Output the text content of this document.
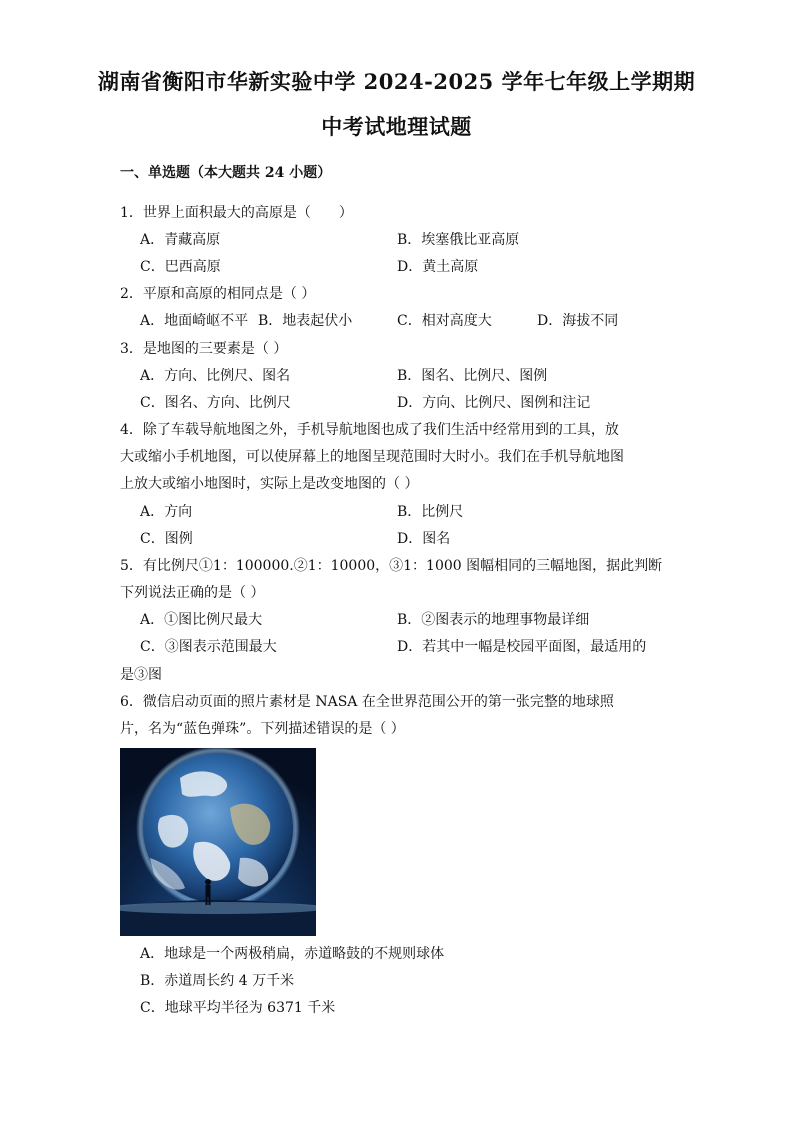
湖南省衡阳市华新实验中学 2024-2025 学年七年级上学期期
中考试地理试题
一、单选题（本大题共 24 小题）
1．世界上面积最大的高原是（　　）
A．青藏高原	B．埃塞俄比亚高原
C．巴西高原	D．黄土高原
2．平原和高原的相同点是（ ）
A．地面崎岖不平 B．地表起伏小	C．相对高度大	D．海拔不同
3．是地图的三要素是（ ）
A．方向、比例尺、图名	B．图名、比例尺、图例
C．图名、方向、比例尺	D．方向、比例尺、图例和注记
4．除了车载导航地图之外，手机导航地图也成了我们生活中经常用到的工具，放
大或缩小手机地图，可以使屏幕上的地图呈现范围时大时小。我们在手机导航地图
上放大或缩小地图时，实际上是改变地图的（ ）
A．方向	B．比例尺
C．图例	D．图名
5．有比例尺①1：100000.②1：10000，③1：1000 图幅相同的三幅地图，据此判断
下列说法正确的是（ ）
A．①图比例尺最大	B．②图表示的地理事物最详细
C．③图表示范围最大	D．若其中一幅是校园平面图，最适用的
是③图
6．微信启动页面的照片素材是 NASA 在全世界范围公开的第一张完整的地球照
片，名为“蓝色弹珠”。下列描述错误的是（ ）
A．地球是一个两极稍扁，赤道略鼓的不规则球体
B．赤道周长约 4 万千米
C．地球平均半径为 6371 千米
